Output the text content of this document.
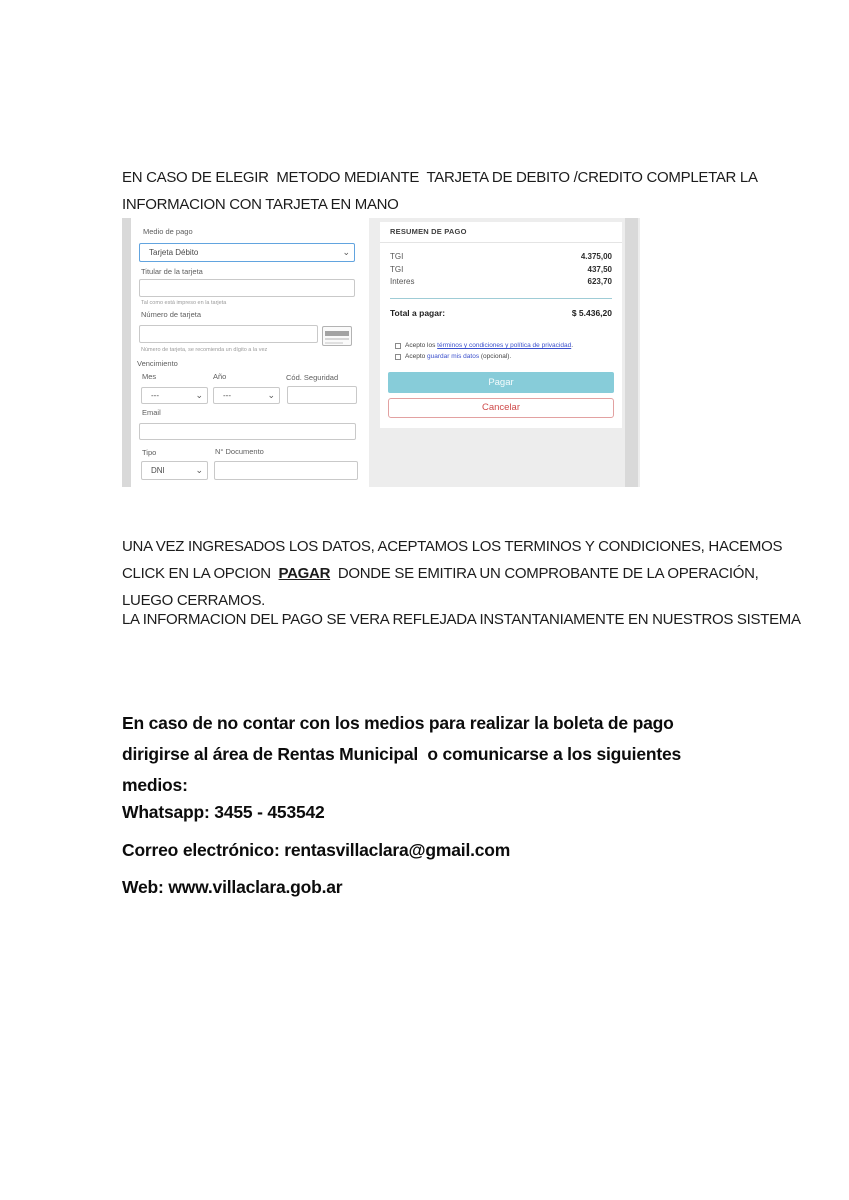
EN CASO DE ELEGIR  METODO MEDIANTE  TARJETA DE DEBITO /CREDITO COMPLETAR LA
INFORMACION CON TARJETA EN MANO
Medio de pago
Tarjeta Débito	⌄
Titular de la tarjeta
Tal como está impreso en la tarjeta
Número de tarjeta
Número de tarjeta, se recomienda un dígito a la vez
Vencimiento
Mes	Año	Cód. Seguridad
---	⌄	---	⌄
Email
Tipo	N° Documento
DNI	⌄
RESUMEN DE PAGO
TGI	4.375,00
TGI	437,50
Interes	623,70
Total a pagar:	$ 5.436,20
Acepto los términos y condiciones y política de privacidad.
Acepto guardar mis datos (opcional).
Pagar
Cancelar
UNA VEZ INGRESADOS LOS DATOS, ACEPTAMOS LOS TERMINOS Y CONDICIONES, HACEMOS
CLICK EN LA OPCION  PAGAR  DONDE SE EMITIRA UN COMPROBANTE DE LA OPERACIÓN,
LUEGO CERRAMOS.
LA INFORMACION DEL PAGO SE VERA REFLEJADA INSTANTANIAMENTE EN NUESTROS SISTEMA
En caso de no contar con los medios para realizar la boleta de pago
dirigirse al área de Rentas Municipal  o comunicarse a los siguientes
medios:
Whatsapp: 3455 - 453542
Correo electrónico: rentasvillaclara@gmail.com
Web: www.villaclara.gob.ar
